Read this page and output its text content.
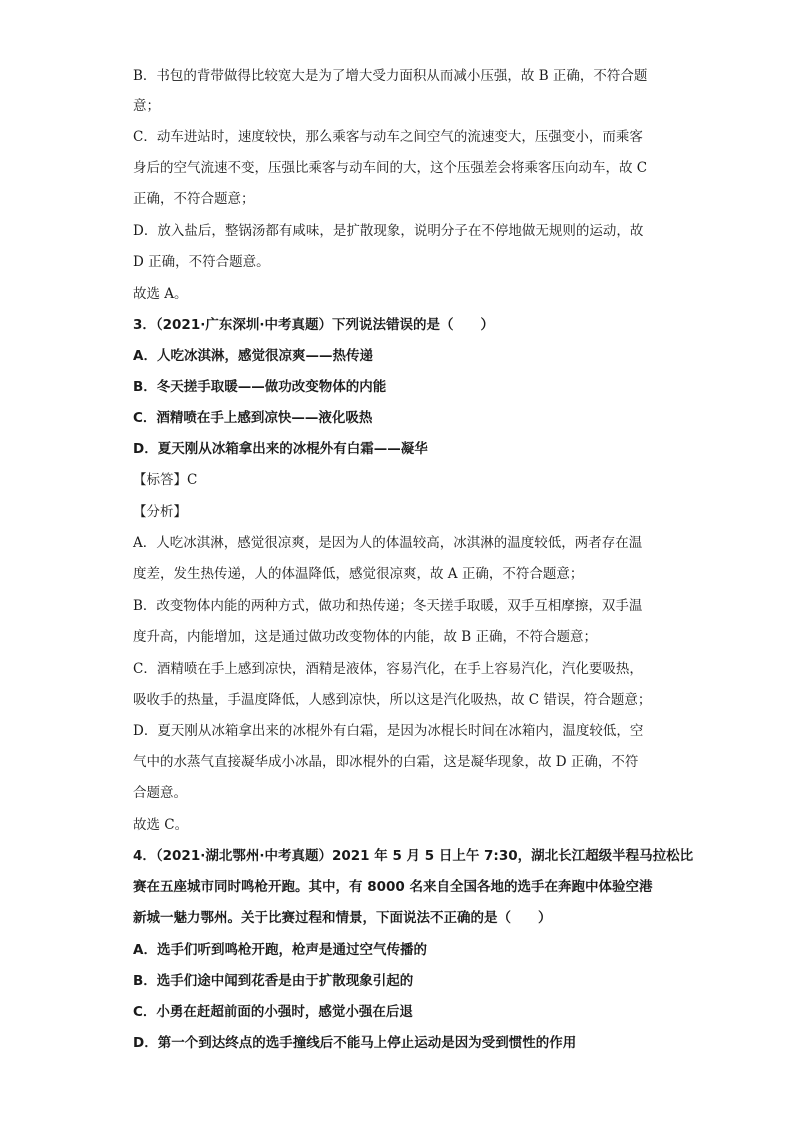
B．书包的背带做得比较宽大是为了增大受力面积从而减小压强，故 B 正确，不符合题
意；
C．动车进站时，速度较快，那么乘客与动车之间空气的流速变大，压强变小，而乘客
身后的空气流速不变，压强比乘客与动车间的大，这个压强差会将乘客压向动车，故 C
正确，不符合题意；
D．放入盐后，整锅汤都有咸味，是扩散现象，说明分子在不停地做无规则的运动，故
D 正确，不符合题意。
故选 A。
3．（2021·广东深圳·中考真题）下列说法错误的是（　　）
A．人吃冰淇淋，感觉很凉爽——热传递
B．冬天搓手取暖——做功改变物体的内能
C．酒精喷在手上感到凉快——液化吸热
D．夏天刚从冰箱拿出来的冰棍外有白霜——凝华
【标答】C
【分析】
A．人吃冰淇淋，感觉很凉爽，是因为人的体温较高，冰淇淋的温度较低，两者存在温
度差，发生热传递，人的体温降低，感觉很凉爽，故 A 正确，不符合题意；
B．改变物体内能的两种方式，做功和热传递；冬天搓手取暖，双手互相摩擦，双手温
度升高，内能增加，这是通过做功改变物体的内能，故 B 正确，不符合题意；
C．酒精喷在手上感到凉快，酒精是液体，容易汽化，在手上容易汽化，汽化要吸热，
吸收手的热量，手温度降低，人感到凉快，所以这是汽化吸热，故 C 错误，符合题意；
D．夏天刚从冰箱拿出来的冰棍外有白霜，是因为冰棍长时间在冰箱内，温度较低，空
气中的水蒸气直接凝华成小冰晶，即冰棍外的白霜，这是凝华现象，故 D 正确，不符
合题意。
故选 C。
4．（2021·湖北鄂州·中考真题）2021 年 5 月 5 日上午 7:30，湖北长江超级半程马拉松比
赛在五座城市同时鸣枪开跑。其中，有 8000 名来自全国各地的选手在奔跑中体验空港
新城一魅力鄂州。关于比赛过程和情景，下面说法不正确的是（　　）
A．选手们听到鸣枪开跑，枪声是通过空气传播的
B．选手们途中闻到花香是由于扩散现象引起的
C．小勇在赶超前面的小强时，感觉小强在后退
D．第一个到达终点的选手撞线后不能马上停止运动是因为受到惯性的作用
